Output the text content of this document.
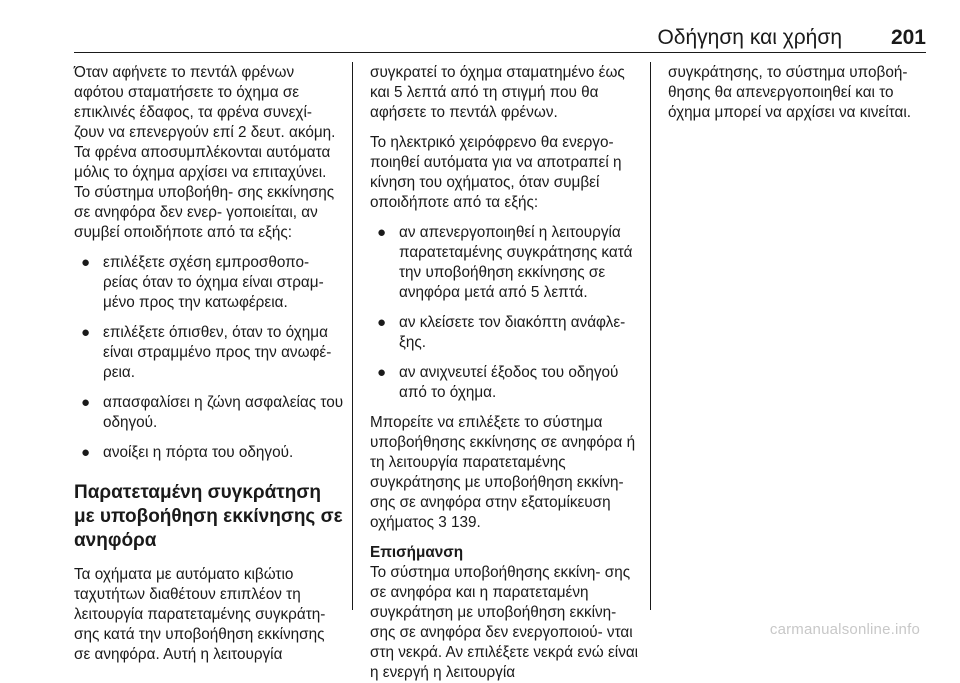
Οδήγηση και χρήση 201

Όταν αφήνετε το πεντάλ φρένων αφότου σταματήσετε το όχημα σε επικλινές έδαφος, τα φρένα συνεχί- ζουν να επενεργούν επί 2 δευτ. ακόμη. Τα φρένα αποσυμπλέκονται αυτόματα μόλις το όχημα αρχίσει να επιταχύνει. Το σύστημα υποβοήθη- σης εκκίνησης σε ανηφόρα δεν ενερ- γοποιείται, αν συμβεί οποιδήποτε από τα εξής:

● επιλέξετε σχέση εμπροσθοπο- ρείας όταν το όχημα είναι στραμ- μένο προς την κατωφέρεια.
● επιλέξετε όπισθεν, όταν το όχημα είναι στραμμένο προς την ανωφέ- ρεια.
● απασφαλίσει η ζώνη ασφαλείας του οδηγού.
● ανοίξει η πόρτα του οδηγού.
Παρατεταμένη συγκράτηση με υποβοήθηση εκκίνησης σε ανηφόρα

Τα οχήματα με αυτόματο κιβώτιο ταχυτήτων διαθέτουν επιπλέον τη λειτουργία παρατεταμένης συγκράτη- σης κατά την υποβοήθηση εκκίνησης σε ανηφόρα. Αυτή η λειτουργία

συγκρατεί το όχημα σταματημένο έως και 5 λεπτά από τη στιγμή που θα αφήσετε το πεντάλ φρένων.

Το ηλεκτρικό χειρόφρενο θα ενεργο- ποιηθεί αυτόματα για να αποτραπεί η κίνηση του οχήματος, όταν συμβεί οποιδήποτε από τα εξής:

● αν απενεργοποιηθεί η λειτουργία παρατεταμένης συγκράτησης κατά την υποβοήθηση εκκίνησης σε ανηφόρα μετά από 5 λεπτά.
● αν κλείσετε τον διακόπτη ανάφλε- ξης.
● αν ανιχνευτεί έξοδος του οδηγού από το όχημα.

Μπορείτε να επιλέξετε το σύστημα υποβοήθησης εκκίνησης σε ανηφόρα ή τη λειτουργία παρατεταμένης συγκράτησης με υποβοήθηση εκκίνη- σης σε ανηφόρα στην εξατομίκευση οχήματος 3 139.

Επισήμανση
Το σύστημα υποβοήθησης εκκίνη- σης σε ανηφόρα και η παρατεταμένη συγκράτηση με υποβοήθηση εκκίνη- σης σε ανηφόρα δεν ενεργοποιού- νται στη νεκρά. Αν επιλέξετε νεκρά ενώ είναι η ενεργή η λειτουργία

συγκράτησης, το σύστημα υποβοή- θησης θα απενεργοποιηθεί και το όχημα μπορεί να αρχίσει να κινείται.

carmanualsonline.info
